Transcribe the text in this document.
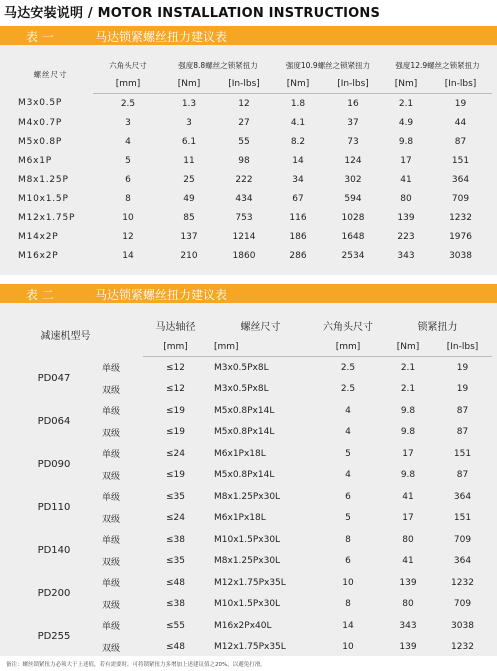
马达安装说明 / MOTOR INSTALLATION INSTRUCTIONS
表 一	马达锁紧螺丝扭力建议表
螺丝尺寸	六角头尺寸	强度8.8螺丝之锁紧扭力		强度10.9螺丝之锁紧扭力		强度12.9螺丝之锁紧扭力	
	[mm]	[Nm]	[In-lbs]	[Nm]	[In-lbs]	[Nm]	[In-lbs]
M3x0.5P	2.5	1.3	12	1.8	16	2.1	19
M4x0.7P	3	3	27	4.1	37	4.9	44
M5x0.8P	4	6.1	55	8.2	73	9.8	87
M6x1P	5	11	98	14	124	17	151
M8x1.25P	6	25	222	34	302	41	364
M10x1.5P	8	49	434	67	594	80	709
M12x1.75P	10	85	753	116	1028	139	1232
M14x2P	12	137	1214	186	1648	223	1976
M16x2P	14	210	1860	286	2534	343	3038
表 二	马达锁紧螺丝扭力建议表
减速机型号		马达轴径	螺丝尺寸	六角头尺寸	锁紧扭力	
		[mm]	[mm]	[mm]	[Nm]	[In-lbs]
PD047	单级	≤12	M3x0.5Px8L	2.5	2.1	19
	双级	≤12	M3x0.5Px8L	2.5	2.1	19
PD064	单级	≤19	M5x0.8Px14L	4	9.8	87
	双级	≤19	M5x0.8Px14L	4	9.8	87
PD090	单级	≤24	M6x1Px18L	5	17	151
	双级	≤19	M5x0.8Px14L	4	9.8	87
PD110	单级	≤35	M8x1.25Px30L	6	41	364
	双级	≤24	M6x1Px18L	5	17	151
PD140	单级	≤38	M10x1.5Px30L	8	80	709
	双级	≤35	M8x1.25Px30L	6	41	364
PD200	单级	≤48	M12x1.75Px35L	10	139	1232
	双级	≤38	M10x1.5Px30L	8	80	709
PD255	单级	≤55	M16x2Px40L	14	343	3038
	双级	≤48	M12x1.75Px35L	10	139	1232
备注：螺丝锁紧扭力必须大于上述值，若有需要时，可将锁紧扭力多增加上述建议值之20%，以避免打滑。
